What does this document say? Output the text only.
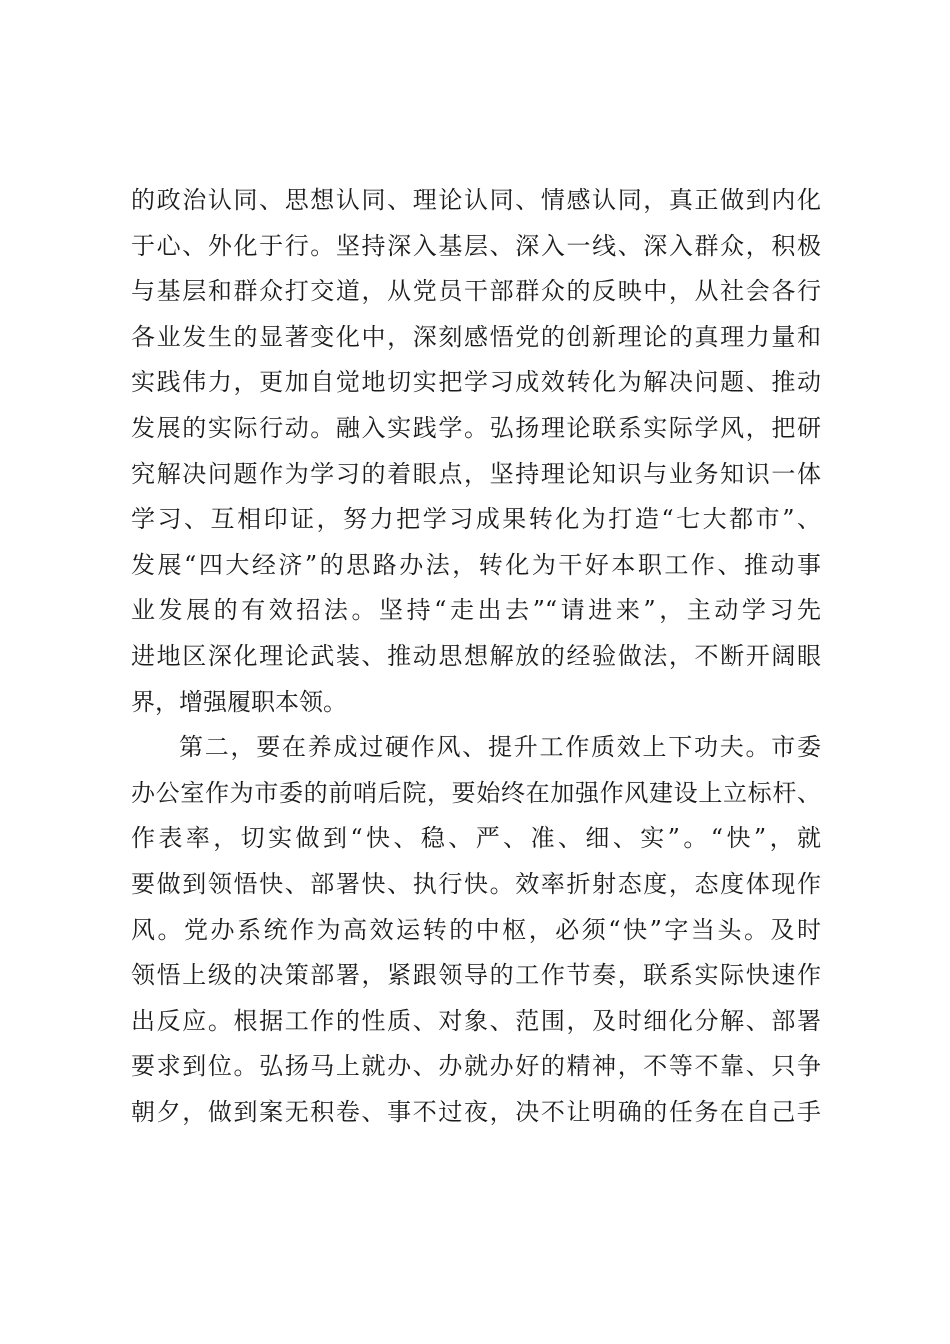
的政治认同、思想认同、理论认同、情感认同，真正做到内化
于心、外化于行。坚持深入基层、深入一线、深入群众，积极
与基层和群众打交道，从党员干部群众的反映中，从社会各行
各业发生的显著变化中，深刻感悟党的创新理论的真理力量和
实践伟力，更加自觉地切实把学习成效转化为解决问题、推动
发展的实际行动。融入实践学。弘扬理论联系实际学风，把研
究解决问题作为学习的着眼点，坚持理论知识与业务知识一体
学习、互相印证，努力把学习成果转化为打造“七大都市”、
发展“四大经济”的思路办法，转化为干好本职工作、推动事
业发展的有效招法。坚持“走出去”“请进来”，主动学习先
进地区深化理论武装、推动思想解放的经验做法，不断开阔眼
界，增强履职本领。
第二，要在养成过硬作风、提升工作质效上下功夫。市委
办公室作为市委的前哨后院，要始终在加强作风建设上立标杆、
作表率，切实做到“快、稳、严、准、细、实”。“快”，就
要做到领悟快、部署快、执行快。效率折射态度，态度体现作
风。党办系统作为高效运转的中枢，必须“快”字当头。及时
领悟上级的决策部署，紧跟领导的工作节奏，联系实际快速作
出反应。根据工作的性质、对象、范围，及时细化分解、部署
要求到位。弘扬马上就办、办就办好的精神，不等不靠、只争
朝夕，做到案无积卷、事不过夜，决不让明确的任务在自己手
